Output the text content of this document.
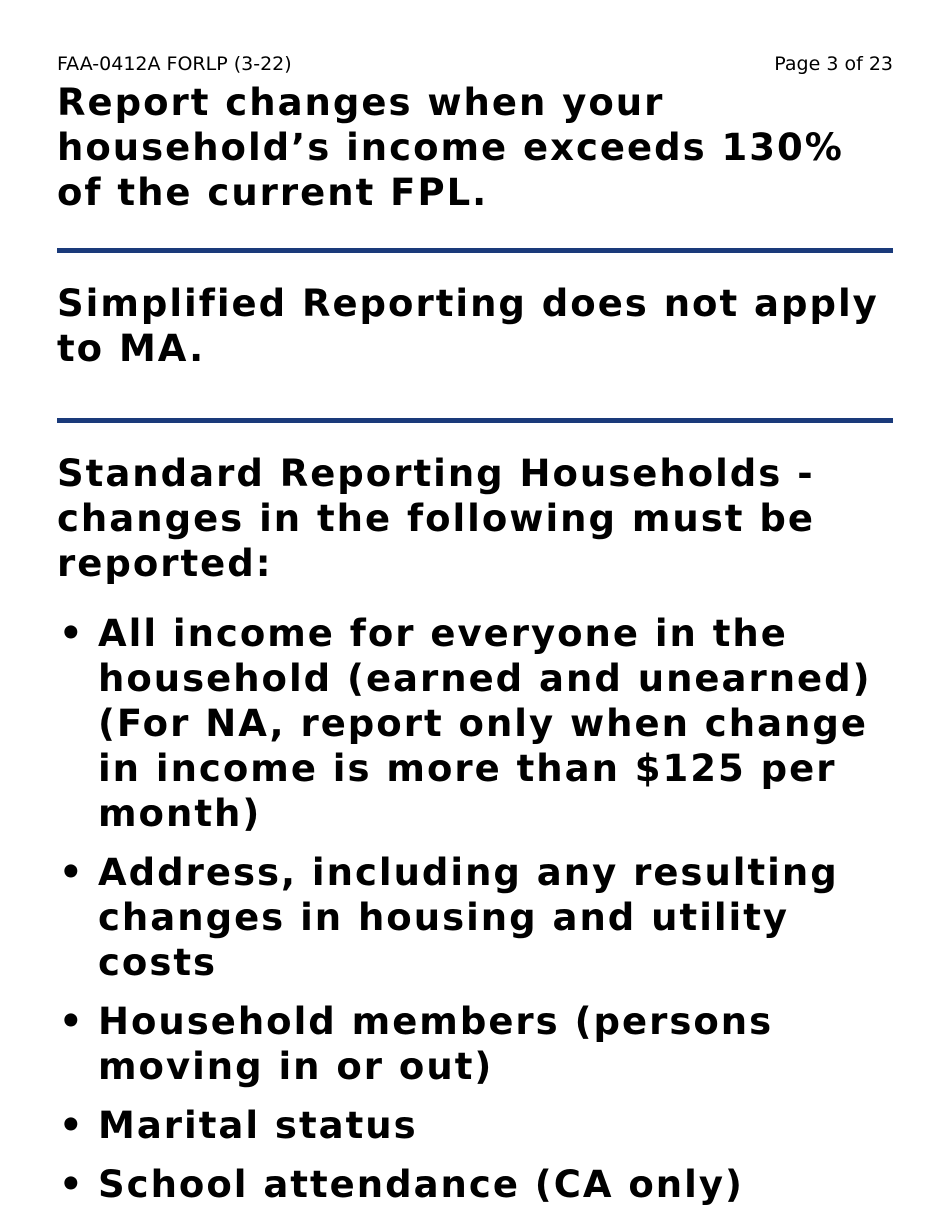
FAA-0412A FORLP (3-22)	Page 3 of 23

Report changes when your household’s income exceeds 130% of the current FPL.

Simplified Reporting does not apply to MA.

Standard Reporting Households - changes in the following must be reported:

• All income for everyone in the household (earned and unearned) (For NA, report only when change in income is more than $125 per month)
• Address, including any resulting changes in housing and utility costs
• Household members (persons moving in or out)
• Marital status
• School attendance (CA only)
